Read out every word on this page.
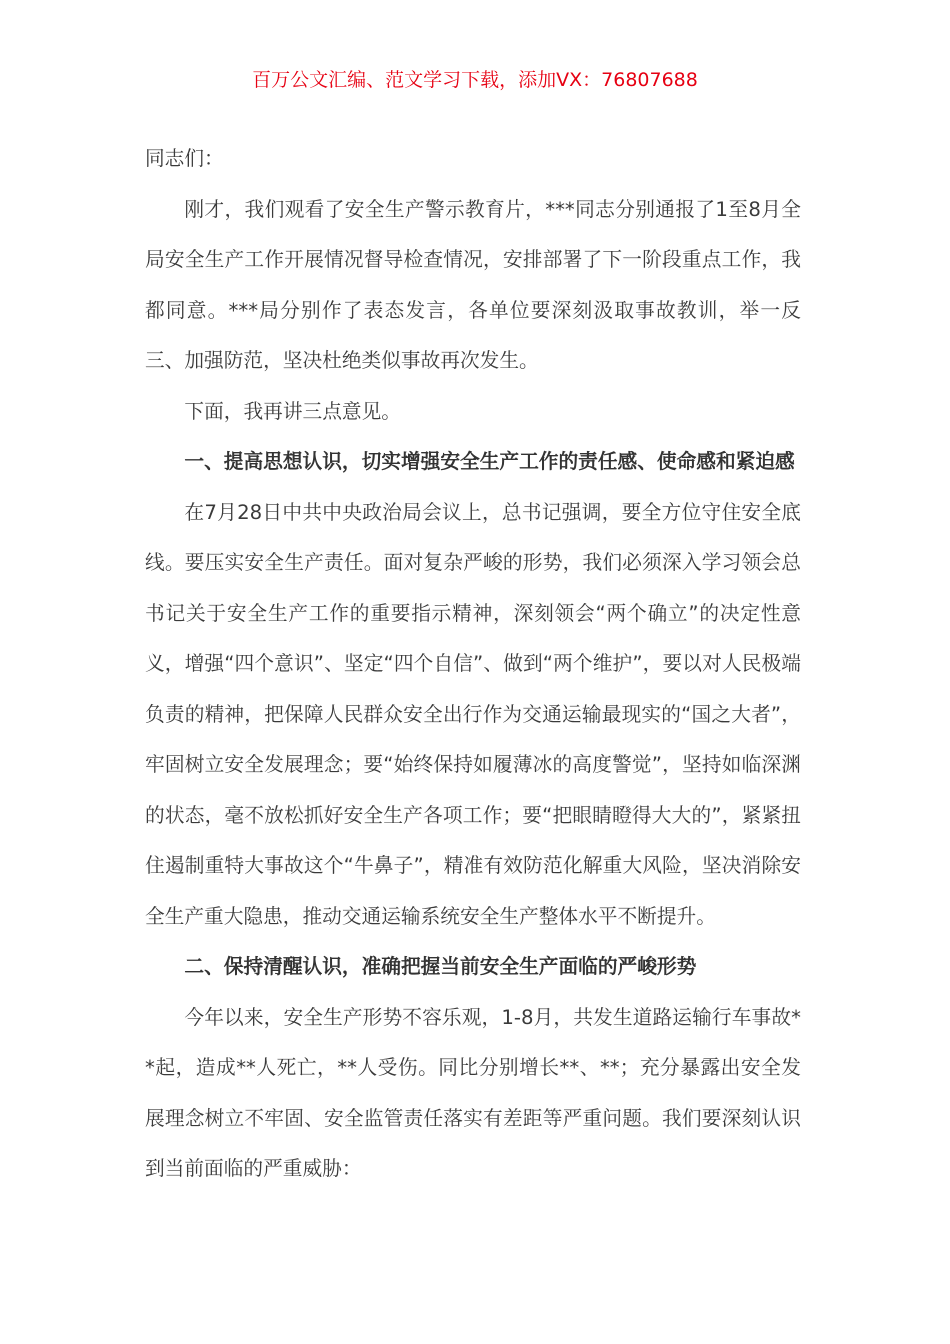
百万公文汇编、范文学习下载，添加VX：76807688

同志们：

刚才，我们观看了安全生产警示教育片，***同志分别通报了1至8月全局安全生产工作开展情况督导检查情况，安排部署了下一阶段重点工作，我都同意。***局分别作了表态发言，各单位要深刻汲取事故教训，举一反三、加强防范，坚决杜绝类似事故再次发生。

下面，我再讲三点意见。

一、提高思想认识，切实增强安全生产工作的责任感、使命感和紧迫感

在7月28日中共中央政治局会议上，总书记强调，要全方位守住安全底线。要压实安全生产责任。面对复杂严峻的形势，我们必须深入学习领会总书记关于安全生产工作的重要指示精神，深刻领会“两个确立”的决定性意义，增强“四个意识”、坚定“四个自信”、做到“两个维护”，要以对人民极端负责的精神，把保障人民群众安全出行作为交通运输最现实的“国之大者”，牢固树立安全发展理念；要“始终保持如履薄冰的高度警觉”，坚持如临深渊的状态，毫不放松抓好安全生产各项工作；要“把眼睛瞪得大大的”，紧紧扭住遏制重特大事故这个“牛鼻子”，精准有效防范化解重大风险，坚决消除安全生产重大隐患，推动交通运输系统安全生产整体水平不断提升。

二、保持清醒认识，准确把握当前安全生产面临的严峻形势

今年以来，安全生产形势不容乐观，1-8月，共发生道路运输行车事故**起，造成**人死亡，**人受伤。同比分别增长**、**；充分暴露出安全发展理念树立不牢固、安全监管责任落实有差距等严重问题。我们要深刻认识到当前面临的严重威胁：
